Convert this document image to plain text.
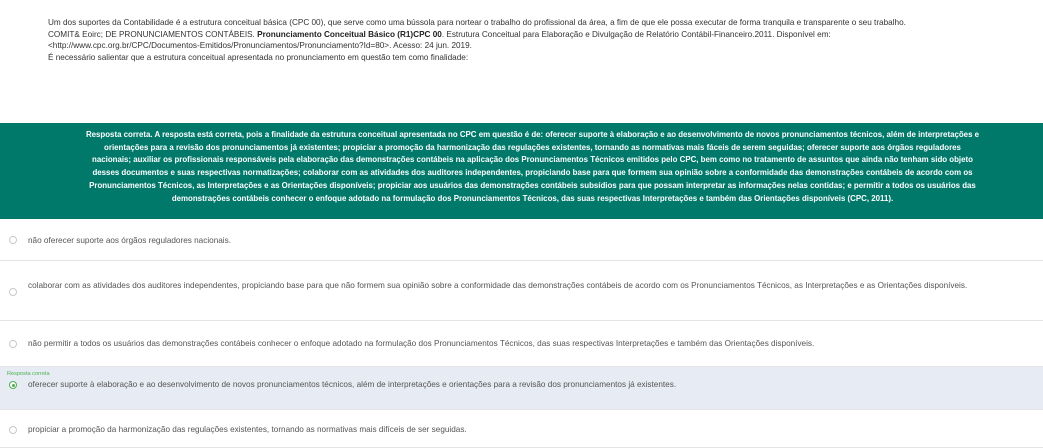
Um dos suportes da Contabilidade é a estrutura conceitual básica (CPC 00), que serve como uma bússola para nortear o trabalho do profissional da área, a fim de que ele possa executar de forma tranquila e transparente o seu trabalho.

COMIT& Eoirc; DE PRONUNCIAMENTOS CONTÁBEIS. Pronunciamento Conceitual Básico (R1)CPC 00. Estrutura Conceitual para Elaboração e Divulgação de Relatório Contábil-Financeiro.2011. Disponível em:

<http://www.cpc.org.br/CPC/Documentos-Emitidos/Pronunciamentos/Pronunciamento?Id=80>. Acesso: 24 jun. 2019.

É necessário salientar que a estrutura conceitual apresentada no pronunciamento em questão tem como finalidade:

Resposta correta. A resposta está correta, pois a finalidade da estrutura conceitual apresentada no CPC em questão é de: oferecer suporte à elaboração e ao desenvolvimento de novos pronunciamentos técnicos, além de interpretações e
orientações para a revisão dos pronunciamentos já existentes; propiciar a promoção da harmonização das regulações existentes, tornando as normativas mais fáceis de serem seguidas; oferecer suporte aos órgãos reguladores
nacionais; auxiliar os profissionais responsáveis pela elaboração das demonstrações contábeis na aplicação dos Pronunciamentos Técnicos emitidos pelo CPC, bem como no tratamento de assuntos que ainda não tenham sido objeto
desses documentos e suas respectivas normatizações; colaborar com as atividades dos auditores independentes, propiciando base para que formem sua opinião sobre a conformidade das demonstrações contábeis de acordo com os
Pronunciamentos Técnicos, as Interpretações e as Orientações disponíveis; propiciar aos usuários das demonstrações contábeis subsídios para que possam interpretar as informações nelas contidas; e permitir a todos os usuários das
demonstrações contábeis conhecer o enfoque adotado na formulação dos Pronunciamentos Técnicos, das suas respectivas Interpretações e também das Orientações disponíveis (CPC, 2011).
não oferecer suporte aos órgãos reguladores nacionais.
colaborar com as atividades dos auditores independentes, propiciando base para que não formem sua opinião sobre a conformidade das demonstrações contábeis de acordo com os Pronunciamentos Técnicos, as Interpretações e as Orientações disponíveis.
não permitir a todos os usuários das demonstrações contábeis conhecer o enfoque adotado na formulação dos Pronunciamentos Técnicos, das suas respectivas Interpretações e também das Orientações disponíveis.
Resposta correta
oferecer suporte à elaboração e ao desenvolvimento de novos pronunciamentos técnicos, além de interpretações e orientações para a revisão dos pronunciamentos já existentes.
propiciar a promoção da harmonização das regulações existentes, tornando as normativas mais difíceis de ser seguidas.
